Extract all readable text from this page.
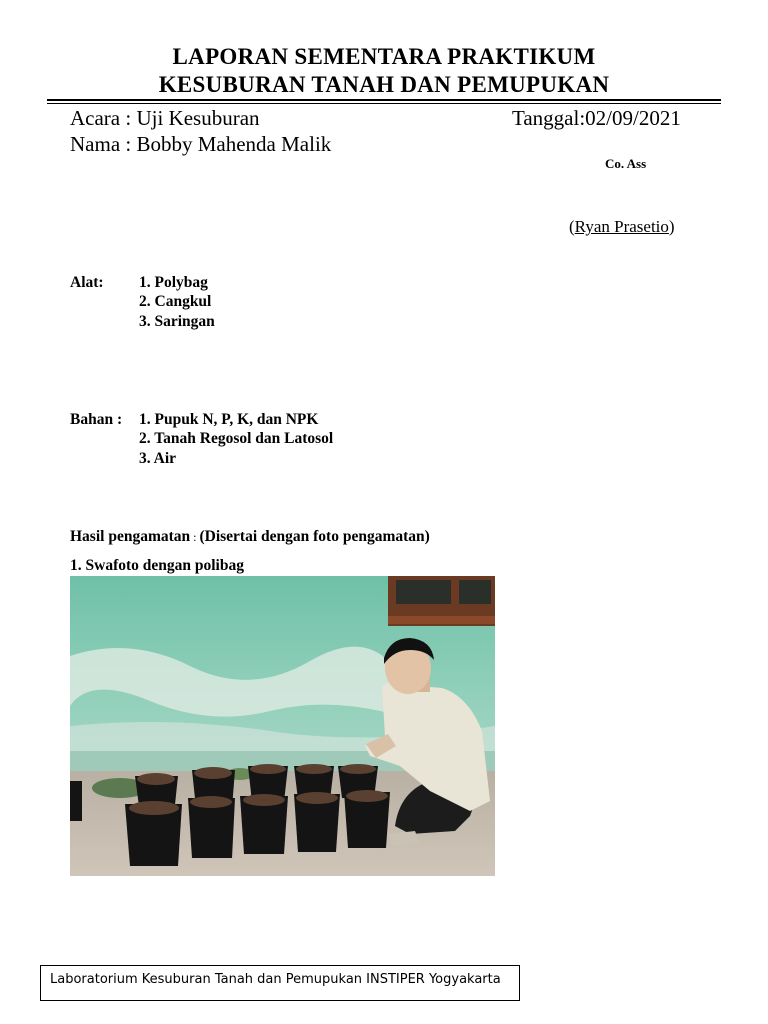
LAPORAN SEMENTARA PRAKTIKUM
KESUBURAN TANAH DAN PEMUPUKAN
Acara : Uji Kesuburan	Tanggal:02/09/2021
Nama : Bobby Mahenda Malik
Co. Ass
(Ryan Prasetio)
Alat: 1. Polybag
2. Cangkul
3. Saringan
Bahan : 1. Pupuk N, P, K, dan NPK
2. Tanah Regosol dan Latosol
3. Air
Hasil pengamatan : (Disertai dengan foto pengamatan)
1. Swafoto dengan polibag
Laboratorium Kesuburan Tanah dan Pemupukan INSTIPER Yogyakarta
